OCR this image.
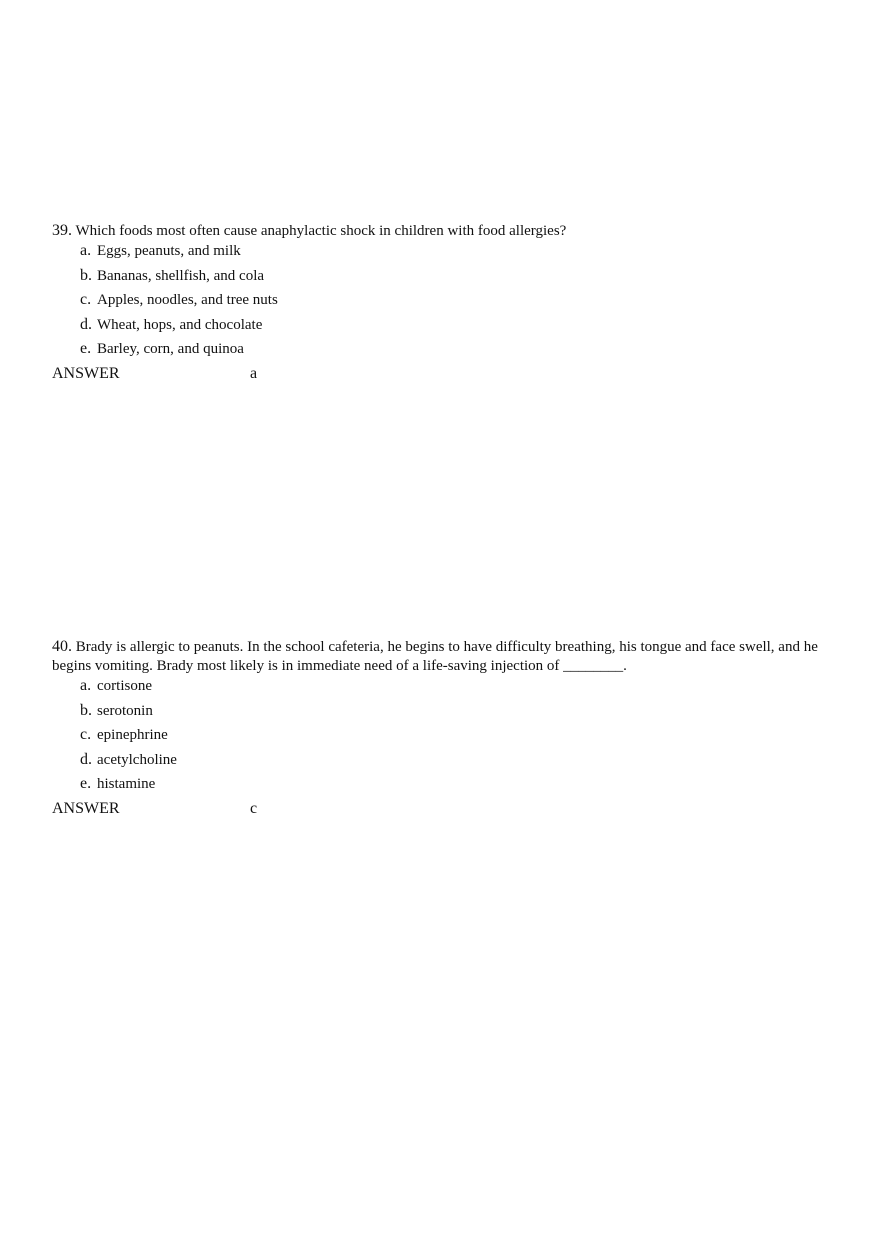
39. Which foods most often cause anaphylactic shock in children with food allergies?

a. Eggs, peanuts, and milk
b. Bananas, shellfish, and cola
c. Apples, noodles, and tree nuts
d. Wheat, hops, and chocolate
e. Barley, corn, and quinoa
ANSWER	a

40. Brady is allergic to peanuts. In the school cafeteria, he begins to have difficulty breathing, his tongue and face swell, and he begins vomiting. Brady most likely is in immediate need of a life-saving injection of ________.

a. cortisone
b. serotonin
c. epinephrine
d. acetylcholine
e. histamine
ANSWER	c
